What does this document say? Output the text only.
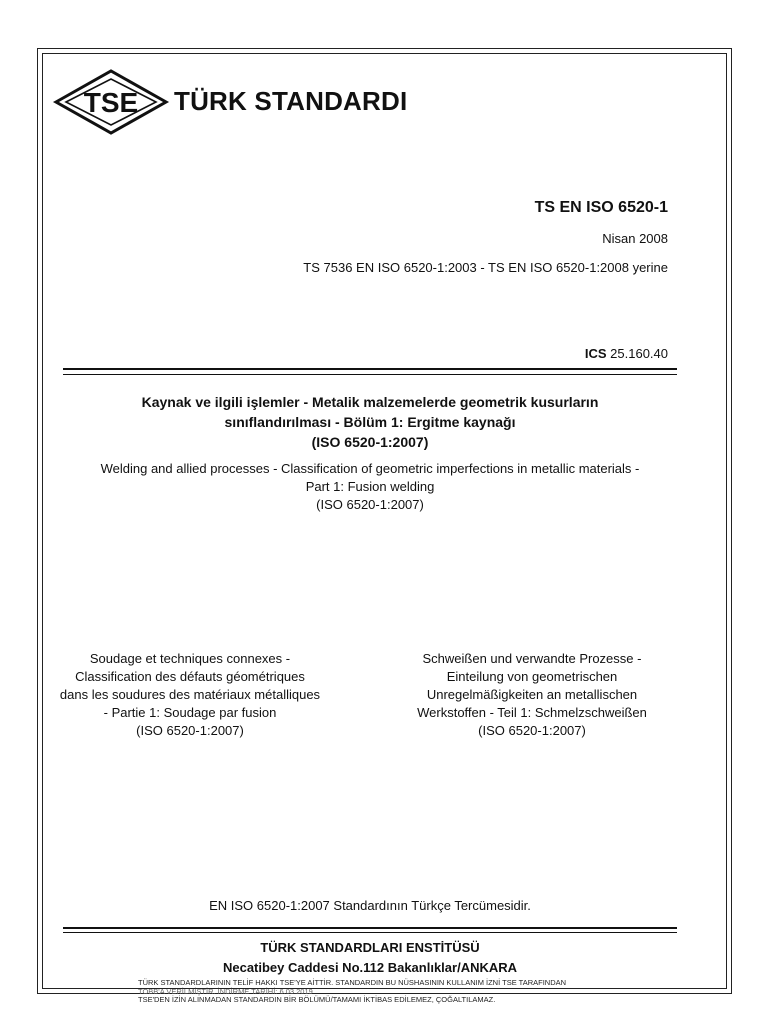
TSE TÜRK STANDARDI
TS EN ISO 6520-1
Nisan 2008
TS 7536 EN ISO 6520-1:2003 - TS EN ISO 6520-1:2008 yerine
ICS 25.160.40
Kaynak ve ilgili işlemler - Metalik malzemelerde geometrik kusurların
sınıflandırılması - Bölüm 1: Ergitme kaynağı
(ISO 6520-1:2007)
Welding and allied processes - Classification of geometric imperfections in metallic materials -
Part 1: Fusion welding
(ISO 6520-1:2007)
Soudage et techniques connexes -
Classification des défauts géométriques
dans les soudures des matériaux métalliques
- Partie 1: Soudage par fusion
(ISO 6520-1:2007)
Schweißen und verwandte Prozesse -
Einteilung von geometrischen
Unregelmäßigkeiten an metallischen
Werkstoffen - Teil 1: Schmelzschweißen
(ISO 6520-1:2007)
EN ISO 6520-1:2007 Standardının Türkçe Tercümesidir.
TÜRK STANDARDLARI ENSTİTÜSÜ
Necatibey Caddesi No.112 Bakanlıklar/ANKARA
TÜRK STANDARDLARININ TELİF HAKKI TSE'YE AİTTİR. STANDARDIN BU NÜSHASININ KULLANIM İZNİ TSE TARAFINDAN
TOBB'A VERİLMİŞTİR. İNDİRME TARİHİ: 6.03.2019
TSE'DEN İZİN ALINMADAN STANDARDIN BİR BÖLÜMÜ/TAMAMI İKTİBAS EDİLEMEZ, ÇOĞALTILAMAZ.
